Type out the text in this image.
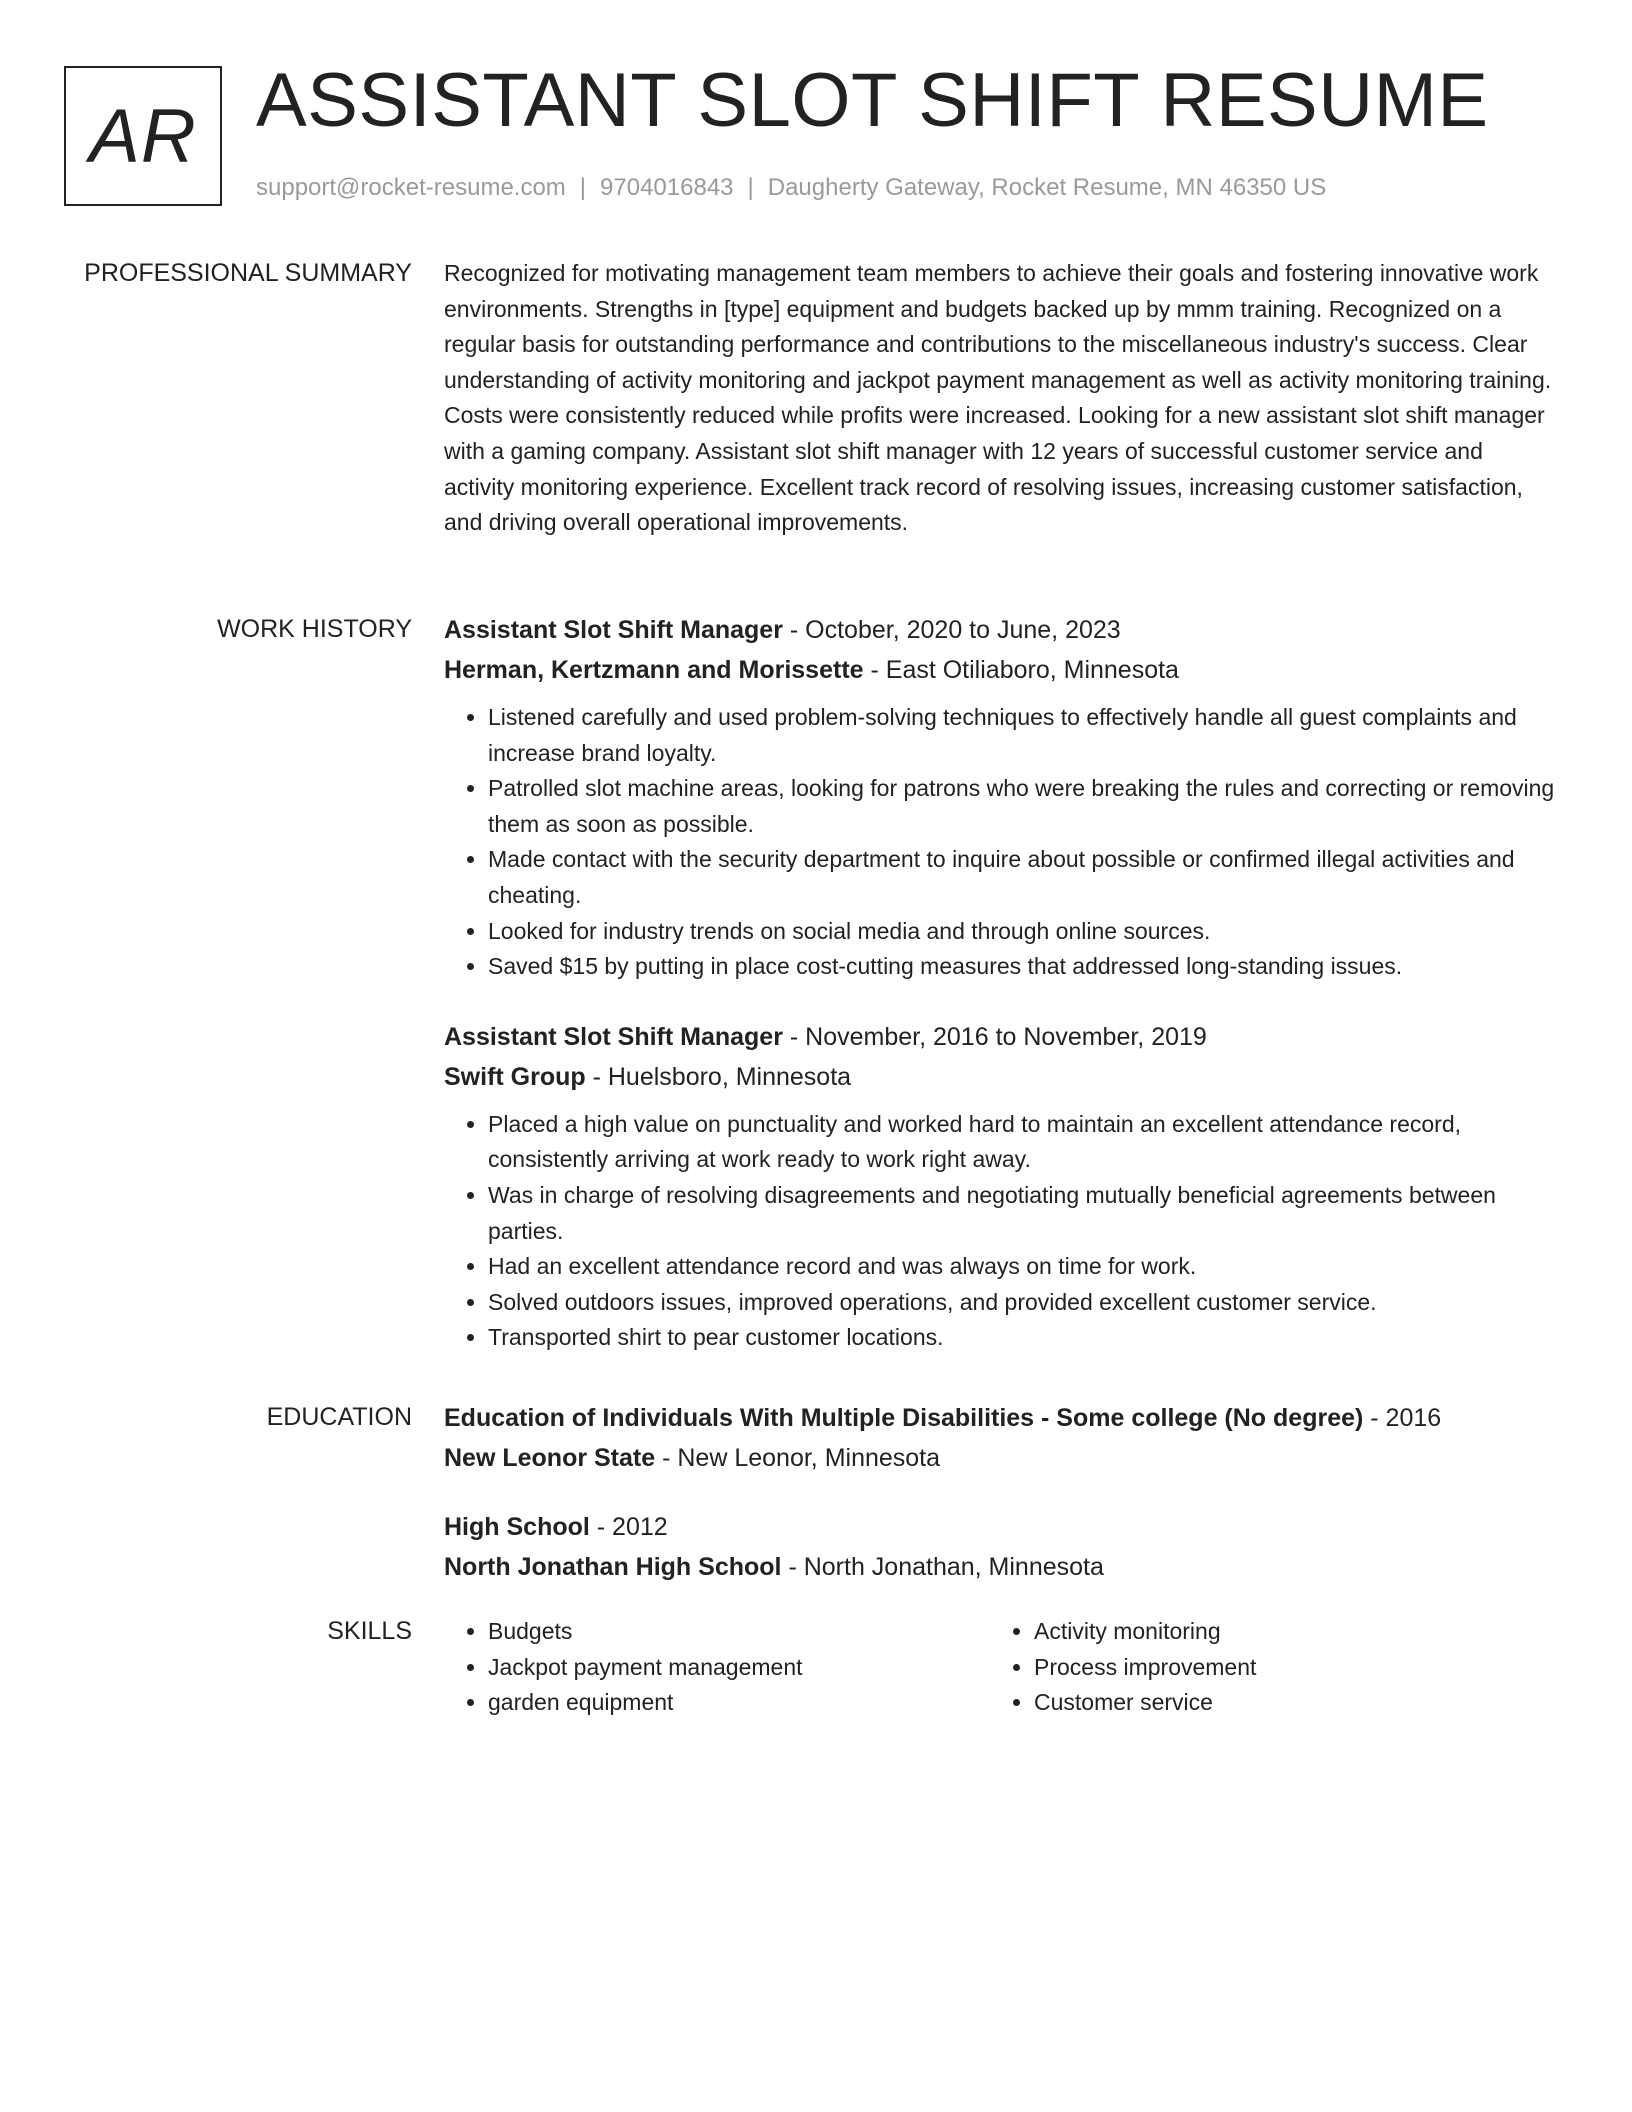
AR ASSISTANT SLOT SHIFT RESUME
support@rocket-resume.com | 9704016843 | Daugherty Gateway, Rocket Resume, MN 46350 US
PROFESSIONAL SUMMARY Recognized for motivating management team members to achieve their goals and fostering innovative work environments. Strengths in [type] equipment and budgets backed up by mmm training. Recognized on a regular basis for outstanding performance and contributions to the miscellaneous industry's success. Clear understanding of activity monitoring and jackpot payment management as well as activity monitoring training. Costs were consistently reduced while profits were increased. Looking for a new assistant slot shift manager with a gaming company. Assistant slot shift manager with 12 years of successful customer service and activity monitoring experience. Excellent track record of resolving issues, increasing customer satisfaction, and driving overall operational improvements.

WORK HISTORY Assistant Slot Shift Manager - October, 2020 to June, 2023
Herman, Kertzmann and Morissette - East Otiliaboro, Minnesota
• Listened carefully and used problem-solving techniques to effectively handle all guest complaints and increase brand loyalty.
• Patrolled slot machine areas, looking for patrons who were breaking the rules and correcting or removing them as soon as possible.
• Made contact with the security department to inquire about possible or confirmed illegal activities and cheating.
• Looked for industry trends on social media and through online sources.
• Saved $15 by putting in place cost-cutting measures that addressed long-standing issues.
Assistant Slot Shift Manager - November, 2016 to November, 2019
Swift Group - Huelsboro, Minnesota
• Placed a high value on punctuality and worked hard to maintain an excellent attendance record, consistently arriving at work ready to work right away.
• Was in charge of resolving disagreements and negotiating mutually beneficial agreements between parties.
• Had an excellent attendance record and was always on time for work.
• Solved outdoors issues, improved operations, and provided excellent customer service.
• Transported shirt to pear customer locations.
EDUCATION Education of Individuals With Multiple Disabilities - Some college (No degree) - 2016
New Leonor State - New Leonor, Minnesota
High School - 2012
North Jonathan High School - North Jonathan, Minnesota
SKILLS
•	Budgets
• Jackpot payment management
• garden equipment
• Activity monitoring
• Process improvement
• Customer service
